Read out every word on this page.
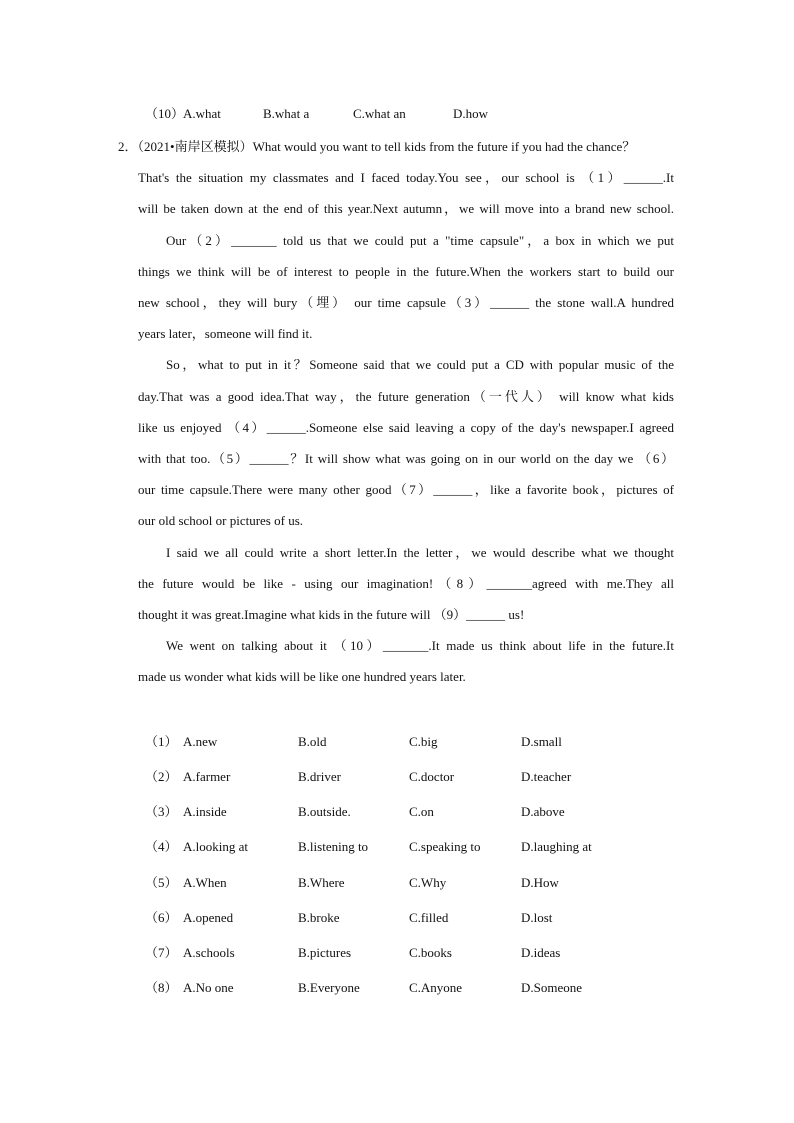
（10）A.what	B.what a	C.what an	D.how
2．（2021•南岸区模拟）What would you want to tell kids from the future if you had the chance？
That's the situation my classmates and I faced today.You see，our school is （1）______.It
will be taken down at the end of this year.Next autumn，we will move into a brand new school.
Our（2）_______ told us that we could put a "time capsule"，a box in which we put
things we think will be of interest to people in the future.When the workers start to build our
new school，they will bury（埋） our time capsule（3）______ the stone wall.A hundred
years later，someone will find it.
So，what to put in it？Someone said that we could put a CD with popular music of the
day.That was a good idea.That way，the future generation（一代人） will know what kids
like us enjoyed （4）______.Someone else said leaving a copy of the day's newspaper.I agreed
with that too.（5）______？It will show what was going on in our world on the day we （6）
our time capsule.There were many other good（7）______，like a favorite book，pictures of
our old school or pictures of us.
I said we all could write a short letter.In the letter，we would describe what we thought
the future would be like - using our imagination!（8）_______agreed with me.They all
thought it was great.Imagine what kids in the future will （9）______ us!
We went on talking about it （10）_______.It made us think about life in the future.It
made us wonder what kids will be like one hundred years later.
（1） A.new	B.old	C.big	D.small
（2） A.farmer	B.driver	C.doctor	D.teacher
（3） A.inside	B.outside.	C.on	D.above
（4） A.looking at	B.listening to	C.speaking to	D.laughing at
（5） A.When	B.Where	C.Why	D.How
（6） A.opened	B.broke	C.filled	D.lost
（7） A.schools	B.pictures	C.books	D.ideas
（8） A.No one	B.Everyone	C.Anyone	D.Someone
